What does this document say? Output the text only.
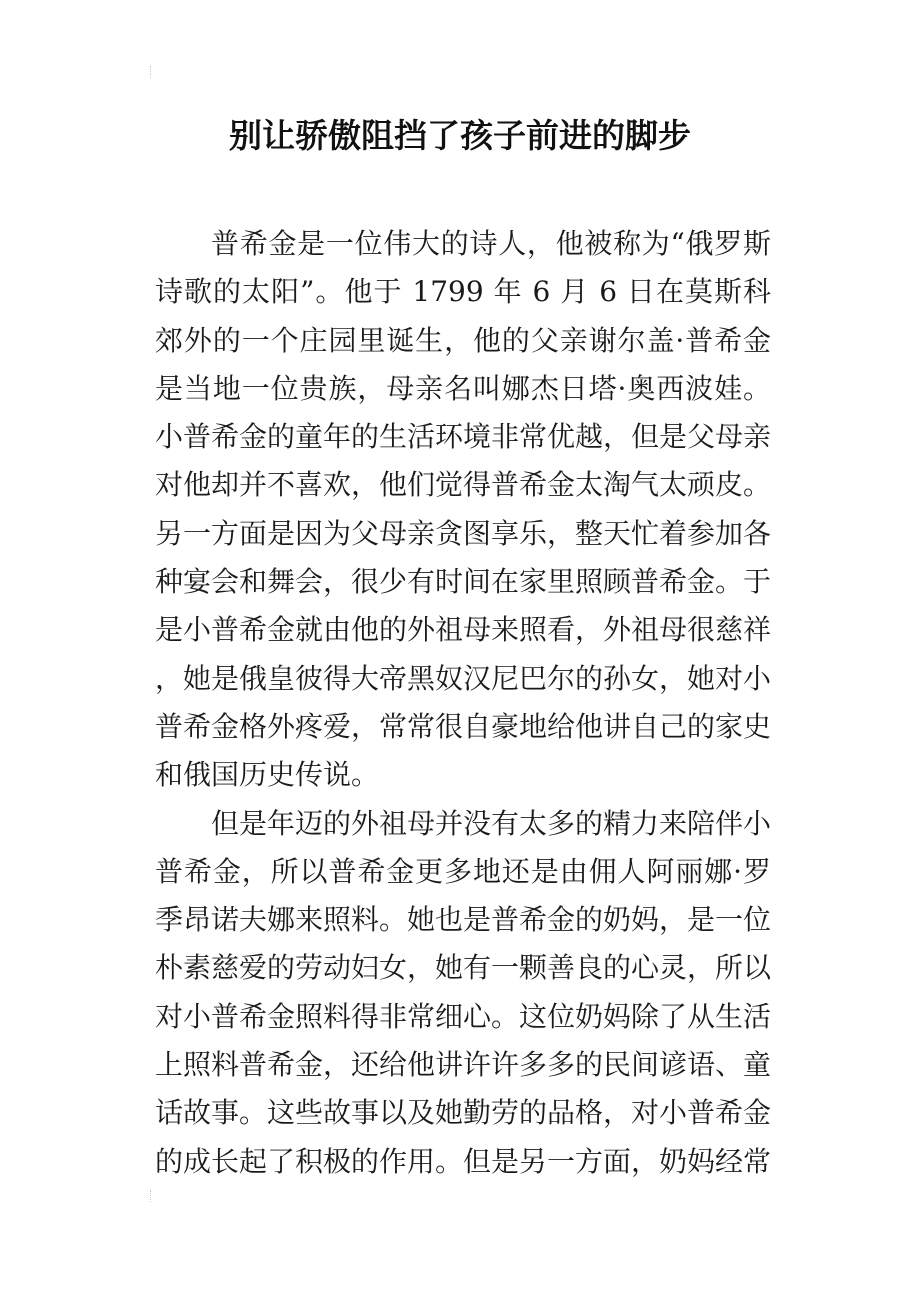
别让骄傲阻挡了孩子前进的脚步

普希金是一位伟大的诗人，他被称为“俄罗斯诗歌的太阳”。他于 1799 年 6 月 6 日在莫斯科郊外的一个庄园里诞生，他的父亲谢尔盖·普希金是当地一位贵族，母亲名叫娜杰日塔·奥西波娃。小普希金的童年的生活环境非常优越，但是父母亲对他却并不喜欢，他们觉得普希金太淘气太顽皮。另一方面是因为父母亲贪图享乐，整天忙着参加各种宴会和舞会，很少有时间在家里照顾普希金。于是小普希金就由他的外祖母来照看，外祖母很慈祥，她是俄皇彼得大帝黑奴汉尼巴尔的孙女，她对小普希金格外疼爱，常常很自豪地给他讲自己的家史和俄国历史传说。

但是年迈的外祖母并没有太多的精力来陪伴小普希金，所以普希金更多地还是由佣人阿丽娜·罗季昂诺夫娜来照料。她也是普希金的奶妈，是一位朴素慈爱的劳动妇女，她有一颗善良的心灵，所以对小普希金照料得非常细心。这位奶妈除了从生活上照料普希金，还给他讲许许多多的民间谚语、童话故事。这些故事以及她勤劳的品格，对小普希金的成长起了积极的作用。但是另一方面，奶妈经常
